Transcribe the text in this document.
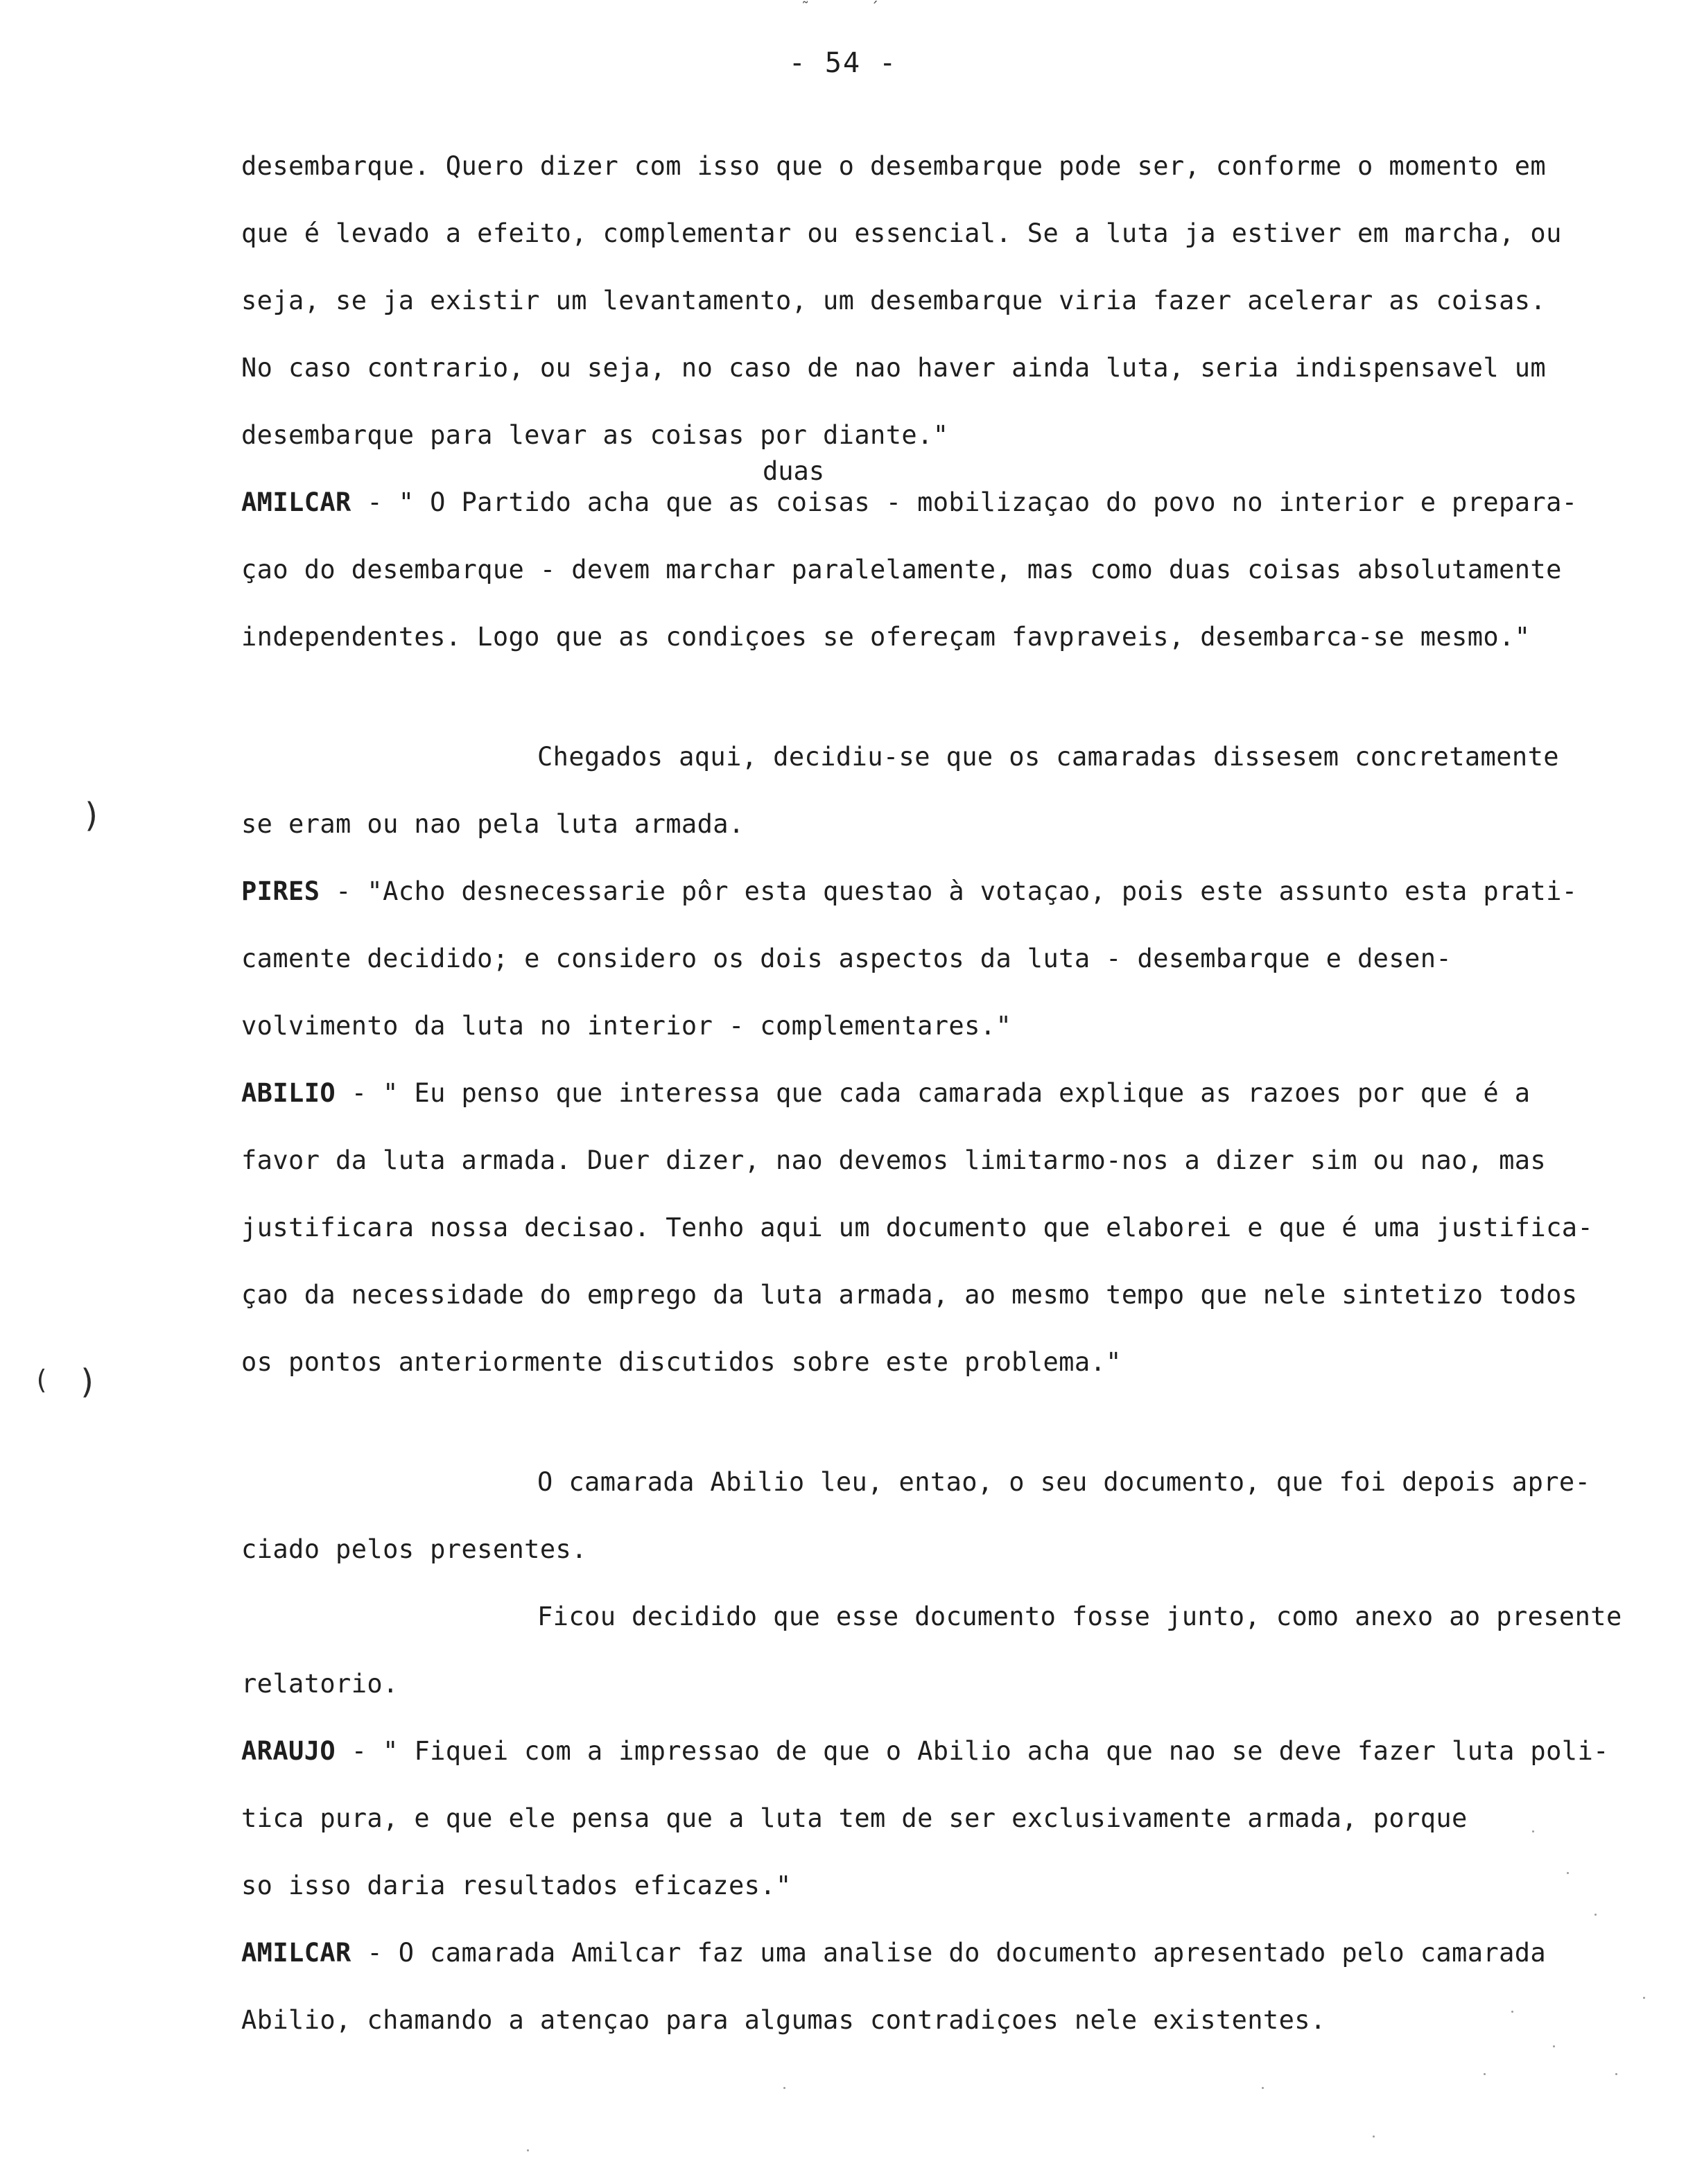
˜	´
- 54 -
desembarque. Quero dizer com isso que o desembarque pode ser, conforme o momento em
que é levado a efeito, complementar ou essencial. Se a luta ja estiver em marcha, ou
seja, se ja existir um levantamento, um desembarque viria fazer acelerar as coisas.
No caso contrario, ou seja, no caso de nao haver ainda luta, seria indispensavel um
desembarque para levar as coisas por diante."
duas
AMILCAR - " O Partido acha que as coisas - mobilizaçao do povo no interior e prepara-
çao do desembarque - devem marchar paralelamente, mas como duas coisas absolutamente
independentes. Logo que as condiçoes se ofereçam favpraveis, desembarca-se mesmo."
Chegados aqui, decidiu-se que os camaradas dissesem concretamente
se eram ou nao pela luta armada.
PIRES - "Acho desnecessarie pôr esta questao à votaçao, pois este assunto esta prati-
camente decidido; e considero os dois aspectos da luta - desembarque e desen-
volvimento da luta no interior - complementares."
ABILIO - " Eu penso que interessa que cada camarada explique as razoes por que é a
favor da luta armada. Duer dizer, nao devemos limitarmo-nos a dizer sim ou nao, mas
justificara nossa decisao. Tenho aqui um documento que elaborei e que é uma justifica-
çao da necessidade do emprego da luta armada, ao mesmo tempo que nele sintetizo todos
os pontos anteriormente discutidos sobre este problema."
O camarada Abilio leu, entao, o seu documento, que foi depois apre-
ciado pelos presentes.
Ficou decidido que esse documento fosse junto, como anexo ao presente
relatorio.
ARAUJO - " Fiquei com a impressao de que o Abilio acha que nao se deve fazer luta poli-
tica pura, e que ele pensa que a luta tem de ser exclusivamente armada, porque
so isso daria resultados eficazes."
AMILCAR - O camarada Amilcar faz uma analise do documento apresentado pelo camarada
Abilio, chamando a atençao para algumas contradiçoes nele existentes.
)
( )
